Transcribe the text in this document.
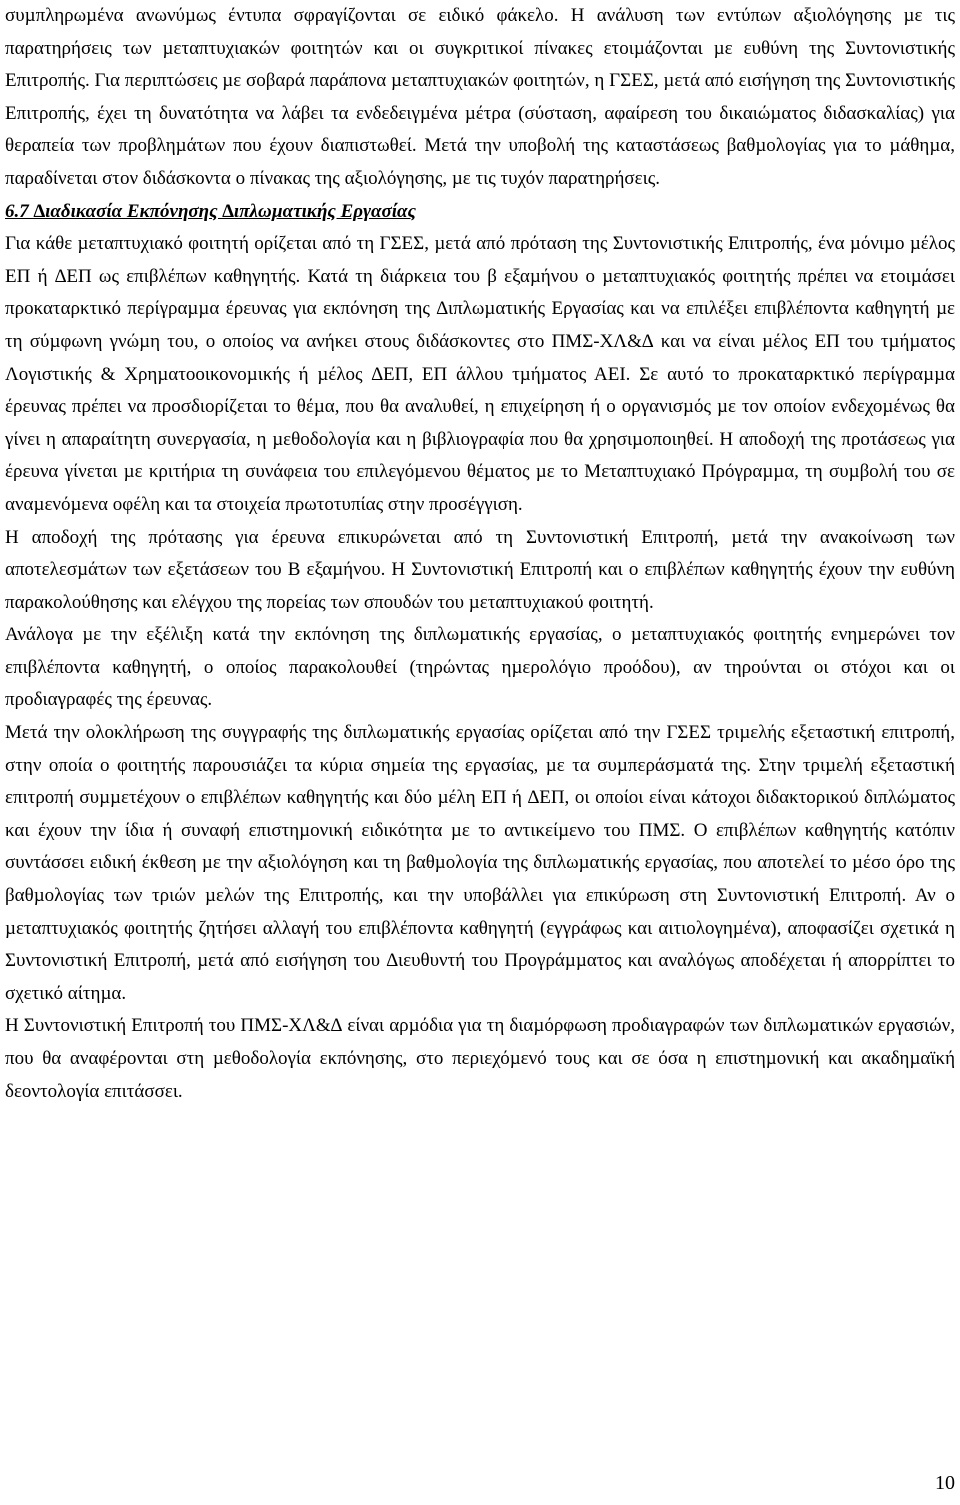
συµπληρωµένα ανωνύµως έντυπα σφραγίζονται σε ειδικό φάκελο. Η ανάλυση των εντύπων αξιολόγησης µε τις παρατηρήσεις των µεταπτυχιακών φοιτητών και οι συγκριτικοί πίνακες ετοιµάζονται µε ευθύνη της Συντονιστικής Επιτροπής. Για περιπτώσεις µε σοβαρά παράπονα µεταπτυχιακών φοιτητών, η ΓΣΕΣ, µετά από εισήγηση της Συντονιστικής Επιτροπής, έχει τη δυνατότητα να λάβει τα ενδεδειγµένα µέτρα (σύσταση, αφαίρεση του δικαιώµατος διδασκαλίας) για θεραπεία των προβληµάτων που έχουν διαπιστωθεί. Μετά την υποβολή της καταστάσεως βαθµολογίας για το µάθηµα, παραδίνεται στον διδάσκοντα ο πίνακας της αξιολόγησης, µε τις τυχόν παρατηρήσεις.

6.7 ∆ιαδικασία Εκπόνησης ∆ιπλωµατικής Εργασίας

Για κάθε µεταπτυχιακό φοιτητή ορίζεται από τη ΓΣΕΣ, µετά από πρόταση της Συντονιστικής Επιτροπής, ένα µόνιµο µέλος ΕΠ ή ∆ΕΠ ως επιβλέπων καθηγητής. Κατά τη διάρκεια του β εξαµήνου ο µεταπτυχιακός φοιτητής πρέπει να ετοιµάσει προκαταρκτικό περίγραµµα έρευνας για εκπόνηση της ∆ιπλωµατικής Εργασίας και να επιλέξει επιβλέποντα καθηγητή µε τη σύµφωνη γνώµη του, ο οποίος να ανήκει στους διδάσκοντες στο ΠΜΣ-ΧΛ&∆ και να είναι µέλος ΕΠ του τµήµατος Λογιστικής & Χρηµατοοικονοµικής ή µέλος ∆ΕΠ, ΕΠ άλλου τµήµατος ΑΕΙ. Σε αυτό το προκαταρκτικό περίγραµµα έρευνας πρέπει να προσδιορίζεται το θέµα, που θα αναλυθεί, η επιχείρηση ή ο οργανισµός µε τον οποίον ενδεχοµένως θα γίνει η απαραίτητη συνεργασία, η µεθοδολογία και η βιβλιογραφία που θα χρησιµοποιηθεί. Η αποδοχή της προτάσεως για έρευνα γίνεται µε κριτήρια τη συνάφεια του επιλεγόµενου θέµατος µε το Μεταπτυχιακό Πρόγραµµα, τη συµβολή του σε αναµενόµενα οφέλη και τα στοιχεία πρωτοτυπίας στην προσέγγιση.

Η αποδοχή της πρότασης για έρευνα επικυρώνεται από τη Συντονιστική Επιτροπή, µετά την ανακοίνωση των αποτελεσµάτων των εξετάσεων του Β εξαµήνου. Η Συντονιστική Επιτροπή και ο επιβλέπων καθηγητής έχουν την ευθύνη παρακολούθησης και ελέγχου της πορείας των σπουδών του µεταπτυχιακού φοιτητή.

Ανάλογα µε την εξέλιξη κατά την εκπόνηση της διπλωµατικής εργασίας, ο µεταπτυχιακός φοιτητής ενηµερώνει τον επιβλέποντα καθηγητή, ο οποίος παρακολουθεί (τηρώντας ηµερολόγιο προόδου), αν τηρούνται οι στόχοι και οι προδιαγραφές της έρευνας.

Μετά την ολοκλήρωση της συγγραφής της διπλωµατικής εργασίας ορίζεται από την ΓΣΕΣ τριµελής εξεταστική επιτροπή, στην οποία ο φοιτητής παρουσιάζει τα κύρια σηµεία της εργασίας, µε τα συµπεράσµατά της. Στην τριµελή εξεταστική επιτροπή συµµετέχουν ο επιβλέπων καθηγητής και δύο µέλη ΕΠ ή ∆ΕΠ, οι οποίοι είναι κάτοχοι διδακτορικού διπλώµατος και έχουν την ίδια ή συναφή επιστηµονική ειδικότητα µε το αντικείµενο του ΠΜΣ. Ο επιβλέπων καθηγητής κατόπιν συντάσσει ειδική έκθεση µε την αξιολόγηση και τη βαθµολογία της διπλωµατικής εργασίας, που αποτελεί το µέσο όρο της βαθµολογίας των τριών µελών της Επιτροπής, και την υποβάλλει για επικύρωση στη Συντονιστική Επιτροπή. Αν ο µεταπτυχιακός φοιτητής ζητήσει αλλαγή του επιβλέποντα καθηγητή (εγγράφως και αιτιολογηµένα), αποφασίζει σχετικά η Συντονιστική Επιτροπή, µετά από εισήγηση του ∆ιευθυντή του Προγράµµατος και αναλόγως αποδέχεται ή απορρίπτει το σχετικό αίτηµα.

Η Συντονιστική Επιτροπή του ΠΜΣ-ΧΛ&∆ είναι αρµόδια για τη διαµόρφωση προδιαγραφών των διπλωµατικών εργασιών, που θα αναφέρονται στη µεθοδολογία εκπόνησης, στο περιεχόµενό τους και σε όσα η επιστηµονική και ακαδηµαϊκή δεοντολογία επιτάσσει.

10
